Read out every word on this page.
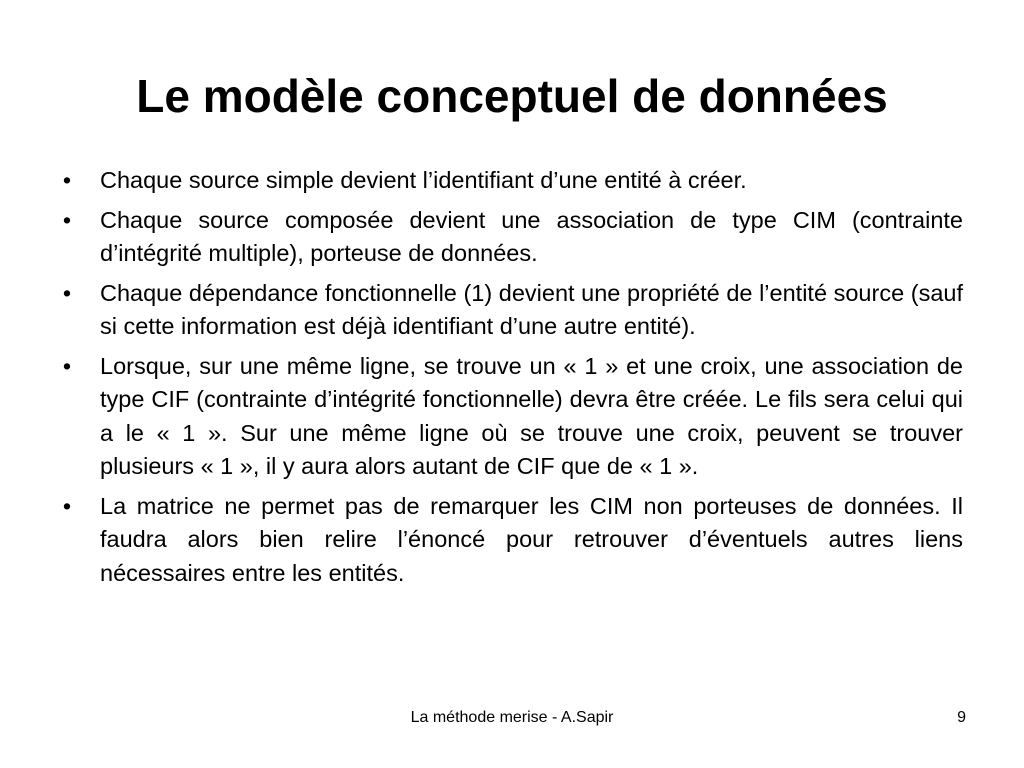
Le modèle conceptuel de données
• Chaque source simple devient l’identifiant d’une entité à créer.
• Chaque source composée devient une association de type CIM (contrainte d’intégrité multiple), porteuse de données.
• Chaque dépendance fonctionnelle (1) devient une propriété de l’entité source (sauf si cette information est déjà identifiant d’une autre entité).
• Lorsque, sur une même ligne, se trouve un « 1 » et une croix, une association de type CIF (contrainte d’intégrité fonctionnelle) devra être créée. Le fils sera celui qui a le « 1 ». Sur une même ligne où se trouve une croix, peuvent se trouver plusieurs « 1 », il y aura alors autant de CIF que de « 1 ».
• La matrice ne permet pas de remarquer les CIM non porteuses de données. Il faudra alors bien relire l’énoncé pour retrouver d’éventuels autres liens nécessaires entre les entités.
La méthode merise - A.Sapir	9
